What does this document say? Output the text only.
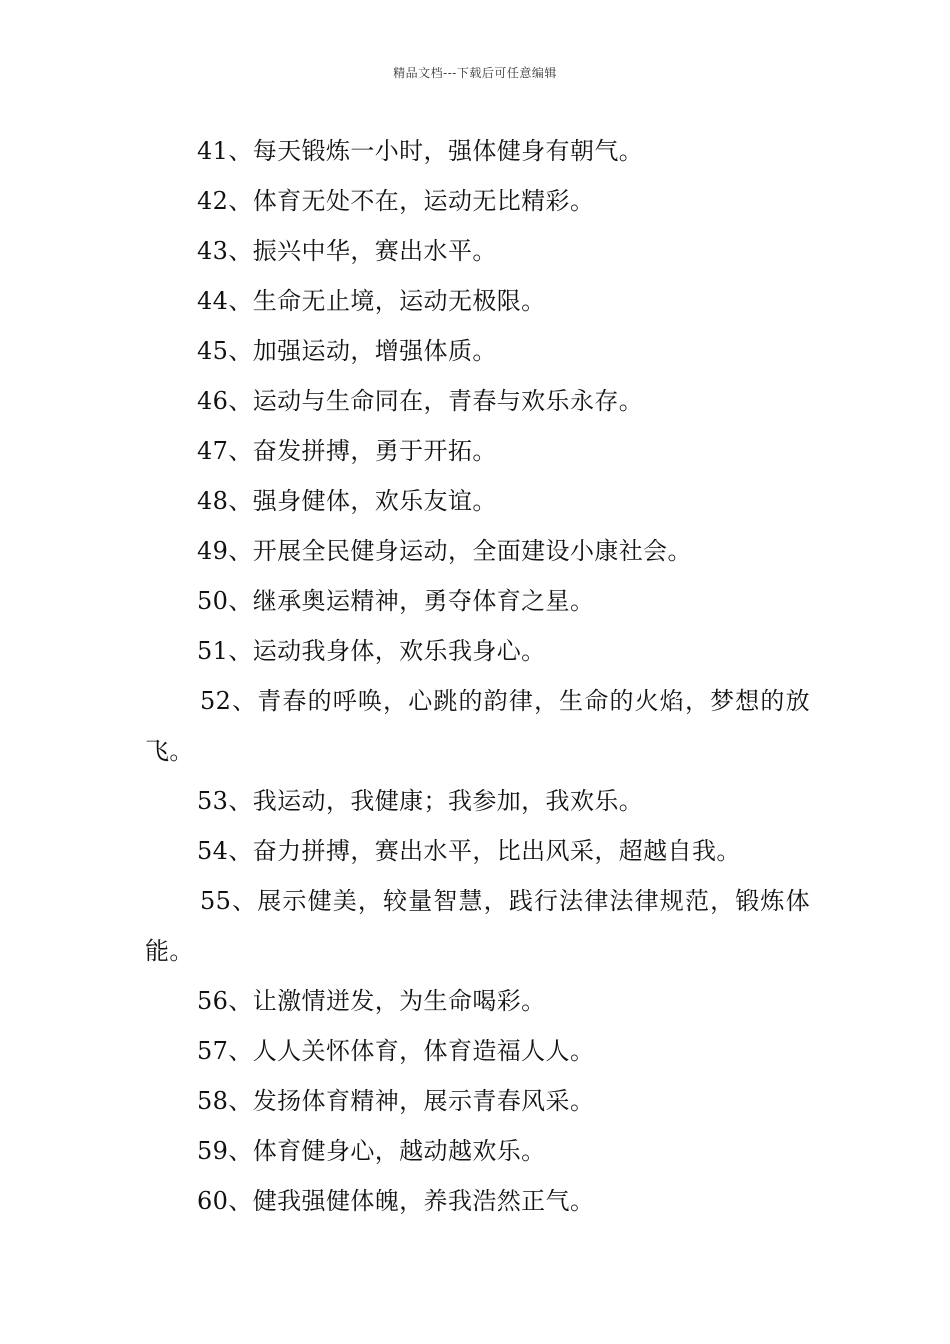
精品文档---下载后可任意编辑
41、每天锻炼一小时，强体健身有朝气。
42、体育无处不在，运动无比精彩。
43、振兴中华，赛出水平。
44、生命无止境，运动无极限。
45、加强运动，增强体质。
46、运动与生命同在，青春与欢乐永存。
47、奋发拼搏，勇于开拓。
48、强身健体，欢乐友谊。
49、开展全民健身运动，全面建设小康社会。
50、继承奥运精神，勇夺体育之星。
51、运动我身体，欢乐我身心。
52、青春的呼唤，心跳的韵律，生命的火焰，梦想的放飞。
53、我运动，我健康；我参加，我欢乐。
54、奋力拼搏，赛出水平，比出风采，超越自我。
55、展示健美，较量智慧，践行法律法律规范，锻炼体能。
56、让激情迸发，为生命喝彩。
57、人人关怀体育，体育造福人人。
58、发扬体育精神，展示青春风采。
59、体育健身心，越动越欢乐。
60、健我强健体魄，养我浩然正气。
